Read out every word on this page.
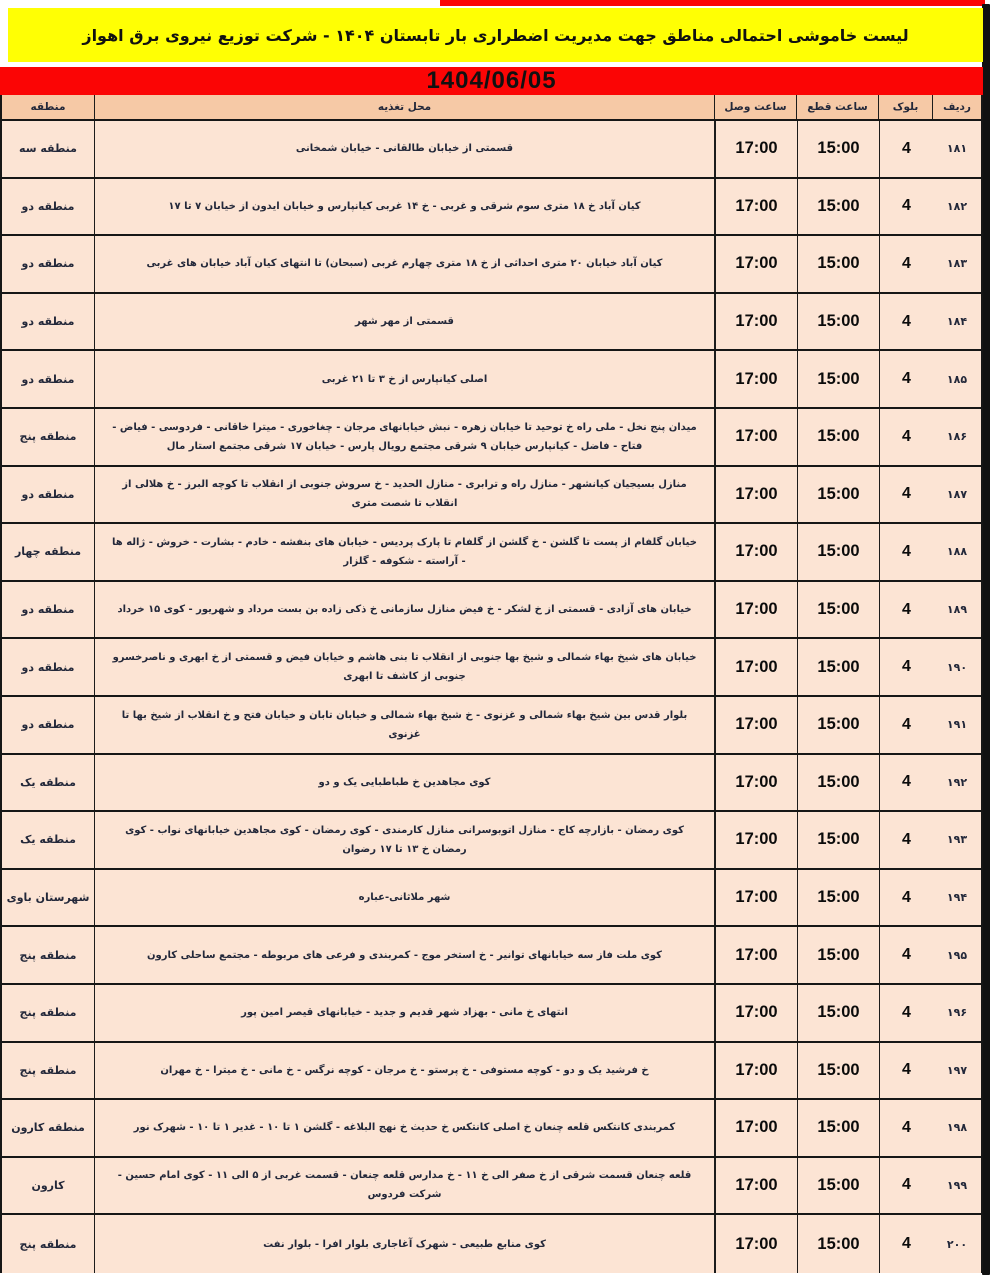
لیست خاموشی احتمالی مناطق جهت مدیریت اضطراری بار تابستان ۱۴۰۴ - شرکت توزیع نیروی برق اهواز
1404/06/05
ردیف
بلوک
ساعت قطع
ساعت وصل
محل تغذیه
منطقه
۱۸۱
4
15:00
17:00
قسمتی از خیابان طالقانی - خیابان شمخانی
منطقه سه
۱۸۲
4
15:00
17:00
کیان آباد خ ۱۸ متری سوم شرقی و غربی - خ ۱۴ غربی کیانپارس و خیابان ایدون از خیابان ۷ تا ۱۷
منطقه دو
۱۸۳
4
15:00
17:00
کیان آباد خیابان ۲۰ متری احداثی از خ ۱۸ متری چهارم غربی (سبحان) تا انتهای کیان آباد خیابان های غربی
منطقه دو
۱۸۴
4
15:00
17:00
قسمتی از مهر شهر
منطقه دو
۱۸۵
4
15:00
17:00
اصلی کیانپارس از خ ۳ تا ۲۱ غربی
منطقه دو
۱۸۶
4
15:00
17:00
میدان پنج نخل - ملی راه خ توحید تا خیابان زهره - نبش خیابانهای مرجان - چغاخوری - میترا خاقانی - فردوسی - فیاض - فتاح - فاضل - کیانپارس خیابان ۹ شرقی مجتمع رویال پارس - خیابان ۱۷ شرقی مجتمع استار مال
منطقه پنج
۱۸۷
4
15:00
17:00
منازل بسیجیان کیانشهر - منازل راه و ترابری - منازل الحدید - خ سروش جنوبی از انقلاب تا کوچه البرز - خ هلالی از انقلاب تا شصت متری
منطقه دو
۱۸۸
4
15:00
17:00
خیابان گلفام از پست تا گلشن - خ گلشن از گلفام تا پارک پردیس - خیابان های بنفشه - خادم - بشارت - خروش - ژاله ها - آراسته - شکوفه - گلزار
منطقه چهار
۱۸۹
4
15:00
17:00
خیابان های آزادی - قسمتی از خ لشکر - خ فیض منازل سازمانی خ ذکی زاده بن بست مرداد و شهریور - کوی ۱۵ خرداد
منطقه دو
۱۹۰
4
15:00
17:00
خیابان های شیخ بهاء شمالی و شیخ بها جنوبی از انقلاب تا بنی هاشم و خیابان فیض و قسمتی از خ ابهری و ناصرخسرو جنوبی از کاشف تا ابهری
منطقه دو
۱۹۱
4
15:00
17:00
بلوار قدس بین شیخ بهاء شمالی و غزنوی - خ شیخ بهاء شمالی و خیابان تابان و خیابان فتح و خ انقلاب از شیخ بها تا غزنوی
منطقه دو
۱۹۲
4
15:00
17:00
کوی مجاهدین خ طباطبایی یک و دو
منطقه یک
۱۹۳
4
15:00
17:00
کوی رمضان - بازارچه کاج - منازل اتوبوسرانی منازل کارمندی - کوی رمضان - کوی مجاهدین خیابانهای نواب - کوی رمضان خ ۱۳ تا ۱۷ رضوان
منطقه یک
۱۹۴
4
15:00
17:00
شهر ملاثانی-عباره
شهرستان باوی
۱۹۵
4
15:00
17:00
کوی ملت فاز سه خیابانهای توانیر - خ استخر موج - کمربندی و فرعی های مربوطه - مجتمع ساحلی کارون
منطقه پنج
۱۹۶
4
15:00
17:00
انتهای خ مانی - بهزاد شهر قدیم و جدید - خیابانهای قیصر امین پور
منطقه پنج
۱۹۷
4
15:00
17:00
خ فرشید یک و دو - کوچه مستوفی - خ پرستو - خ مرجان - کوچه نرگس - خ مانی - خ میترا - خ مهران
منطقه پنج
۱۹۸
4
15:00
17:00
کمربندی کانتکس قلعه چنعان خ اصلی کانتکس خ حدیث خ نهج البلاغه - گلشن ۱ تا ۱۰ - غدیر ۱ تا ۱۰ - شهرک نور
منطقه کارون
۱۹۹
4
15:00
17:00
قلعه چنعان قسمت شرقی از خ صفر الی خ ۱۱ - خ مدارس قلعه چنعان - قسمت غربی از ۵ الی ۱۱ - کوی امام حسین - شرکت فردوس
کارون
۲۰۰
4
15:00
17:00
کوی منابع طبیعی - شهرک آغاجاری بلوار افرا - بلوار نفت
منطقه پنج
